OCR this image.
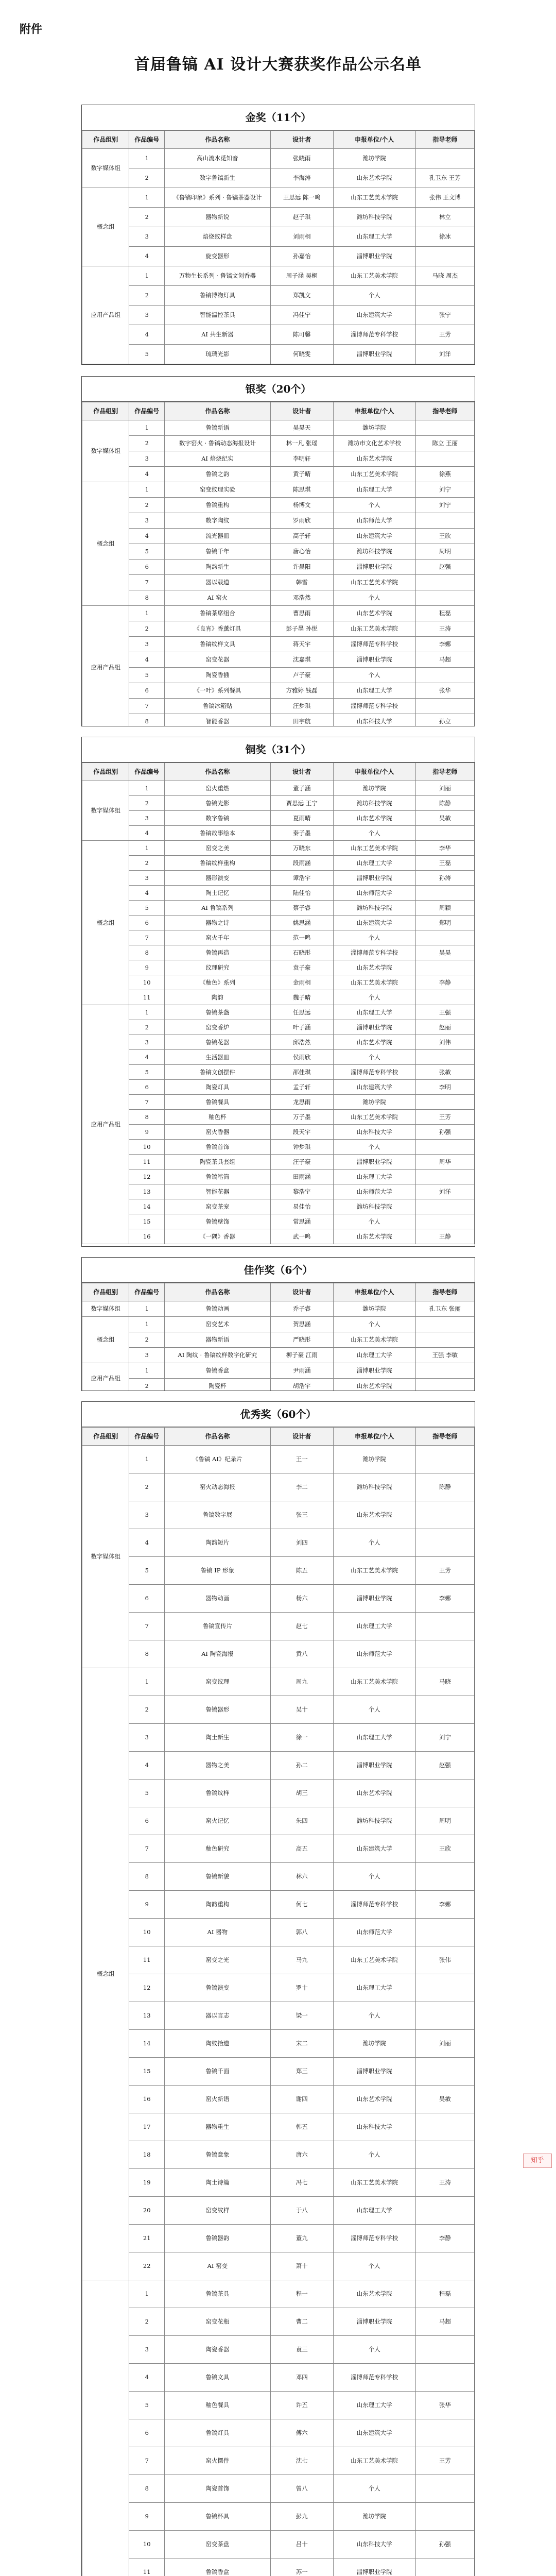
附件
首届鲁镐 AI 设计大赛获奖作品公示名单
金奖（11个）
作品组别	作品编号	作品名称	设计者	申报单位/个人	指导老师
数字媒体组	1	高山流水觅知音	张晓雨	潍坊学院	
	2	数字鲁镐新生	李海涛	山东艺术学院	孔卫东 王芳
概念组	1	《鲁镐印象》系列 · 鲁镐茶器设计	王思远 陈一鸣	山东工艺美术学院	张伟 王文博
	2	器物新说	赵子琪	潍坊科技学院	林立
	3	焙烧纹样盘	刘雨桐	山东理工大学	徐冰
	4	旋变器形	孙嘉怡	淄博职业学院	
应用产品组	1	万物生长系列 · 鲁镐文创香器	周子涵 吴桐	山东工艺美术学院	马晓 周杰
	2	鲁镐博物灯具	郑凯文	个人	
	3	智能温控茶具	冯佳宁	山东建筑大学	张宁
	4	AI 共生新器	陈可馨	淄博师范专科学校	王芳
	5	琉璃光影	何晓雯	淄博职业学院	刘洋
银奖（20个）
作品组别	作品编号	作品名称	设计者	申报单位/个人	指导老师
数字媒体组	1	鲁镐新语	吴昊天	潍坊学院	
	2	数字窑火 · 鲁镐动态海报设计	林一凡 张瑶	潍坊市文化艺术学校	陈立 王丽
	3	AI 焙烧纪实	李明轩	山东艺术学院	
	4	鲁镐之韵	黄子晴	山东工艺美术学院	徐燕
概念组	1	窑变纹理实验	陈思琪	山东理工大学	刘宁
	2	鲁镐重构	杨博文	个人	刘宁
	3	数字陶纹	罗雨欣	山东师范大学	
	4	流光器皿	高子轩	山东建筑大学	王欣
	5	鲁镐千年	唐心怡	潍坊科技学院	周明
	6	陶韵新生	许晨阳	淄博职业学院	赵强
	7	器以载道	韩雪	山东工艺美术学院	
	8	AI 窑火	邓浩然	个人	
应用产品组	1	鲁镐茶席组合	曹思雨	山东艺术学院	程磊
	2	《良宵》香薰灯具	彭子墨 孙悦	山东工艺美术学院	王涛
	3	鲁镐纹样文具	蒋天宇	淄博师范专科学校	李娜
	4	窑变花器	沈嘉琪	淄博职业学院	马超
	5	陶瓷香插	卢子豪	个人	
	6	《一叶》系列餐具	方雅婷 钱磊	山东理工大学	张华
	7	鲁镐冰箱贴	汪梦琪	淄博师范专科学校	
	8	智能香器	田宇航	山东科技大学	孙立
铜奖（31个）
作品组别	作品编号	作品名称	设计者	申报单位/个人	指导老师
数字媒体组	1	窑火重燃	董子涵	潍坊学院	刘丽
	2	鲁镐光影	贾思远 王宁	潍坊科技学院	陈静
	3	数字鲁镐	夏雨晴	山东艺术学院	吴敏
	4	鲁镐故事绘本	秦子墨	个人	
概念组	1	窑变之美	万晓东	山东工艺美术学院	李华
	2	鲁镐纹样重构	段雨涵	山东理工大学	王磊
	3	器形演变	谭浩宇	淄博职业学院	孙涛
	4	陶土记忆	陆佳怡	山东师范大学	
	5	AI 鲁镐系列	蔡子睿	潍坊科技学院	周颖
	6	器物之诗	姚思涵	山东建筑大学	郑明
	7	窑火千年	范一鸣	个人	
	8	鲁镐再造	石晓彤	淄博师范专科学校	吴昊
	9	纹理研究	袁子豪	山东艺术学院	
	10	《釉色》系列	金雨桐	山东工艺美术学院	李静
	11	陶韵	魏子晴	个人	
应用产品组	1	鲁镐茶盏	任思远	山东理工大学	王强
	2	窑变香炉	叶子涵	淄博职业学院	赵丽
	3	鲁镐花器	邱浩然	山东艺术学院	刘伟
	4	生活器皿	侯雨欣	个人	
	5	鲁镐文创摆件	邵佳琪	淄博师范专科学校	张敏
	6	陶瓷灯具	孟子轩	山东建筑大学	李明
	7	鲁镐餐具	龙思雨	潍坊学院	
	8	釉色杯	万子墨	山东工艺美术学院	王芳
	9	窑火香器	段天宇	山东科技大学	孙强
	10	鲁镐首饰	钟梦琪	个人	
	11	陶瓷茶具套组	汪子豪	淄博职业学院	周华
	12	鲁镐笔筒	田雨涵	山东理工大学	
	13	智能花器	黎浩宇	山东师范大学	刘洋
	14	窑变茶宠	易佳怡	潍坊科技学院	
	15	鲁镐壁饰	常思涵	个人	
	16	《一隅》香器	武一鸣	山东艺术学院	王静
佳作奖（6个）
作品组别	作品编号	作品名称	设计者	申报单位/个人	指导老师
数字媒体组	1	鲁镐动画	乔子睿	潍坊学院	孔卫东 张丽
概念组	1	窑变艺术	贺思涵	个人	
	2	器物新语	严晓彤	山东工艺美术学院	
	3	AI 陶纹 · 鲁镐纹样数字化研究	柳子豪 江雨	山东理工大学	王强 李敏
应用产品组	1	鲁镐香盒	尹雨涵	淄博职业学院	
	2	陶瓷杯	胡浩宇	山东艺术学院	
优秀奖（60个）
作品组别	作品编号	作品名称	设计者	申报单位/个人	指导老师
数字媒体组	1	《鲁镐 AI》纪录片	王一	潍坊学院	
	2	窑火动态海报	李二	潍坊科技学院	陈静
	3	鲁镐数字展	张三	山东艺术学院	
	4	陶韵短片	刘四	个人	
	5	鲁镐 IP 形象	陈五	山东工艺美术学院	王芳
	6	器物动画	杨六	淄博职业学院	李娜
	7	鲁镐宣传片	赵七	山东理工大学	
	8	AI 陶瓷海报	黄八	山东师范大学	
概念组	1	窑变纹理	周九	山东工艺美术学院	马晓
	2	鲁镐器形	吴十	个人	
	3	陶土新生	徐一	山东理工大学	刘宁
	4	器物之美	孙二	淄博职业学院	赵强
	5	鲁镐纹样	胡三	山东艺术学院	
	6	窑火记忆	朱四	潍坊科技学院	周明
	7	釉色研究	高五	山东建筑大学	王欣
	8	鲁镐新貌	林六	个人	
	9	陶韵重构	何七	淄博师范专科学校	李娜
	10	AI 器物	郭八	山东师范大学	
	11	窑变之光	马九	山东工艺美术学院	张伟
	12	鲁镐演变	罗十	山东理工大学	
	13	器以言志	梁一	个人	
	14	陶纹拾遗	宋二	潍坊学院	刘丽
	15	鲁镐千面	郑三	淄博职业学院	
	16	窑火新语	谢四	山东艺术学院	吴敏
	17	器物重生	韩五	山东科技大学	
	18	鲁镐意象	唐六	个人	
	19	陶土诗篇	冯七	山东工艺美术学院	王涛
	20	窑变纹样	于八	山东理工大学	
	21	鲁镐器韵	董九	淄博师范专科学校	李静
	22	AI 窑变	萧十	个人	
	1	鲁镐茶具	程一	山东艺术学院	程磊
	2	窑变花瓶	曹二	淄博职业学院	马超
	3	陶瓷香器	袁三	个人	
	4	鲁镐文具	邓四	淄博师范专科学校	
	5	釉色餐具	许五	山东理工大学	张华
	6	鲁镐灯具	傅六	山东建筑大学	
	7	窑火摆件	沈七	山东工艺美术学院	王芳
	8	陶瓷首饰	曾八	个人	
	9	鲁镐杯具	彭九	潍坊学院	
	10	窑变茶盘	吕十	山东科技大学	孙强
	11	鲁镐香盒	苏一	淄博职业学院	

知乎
